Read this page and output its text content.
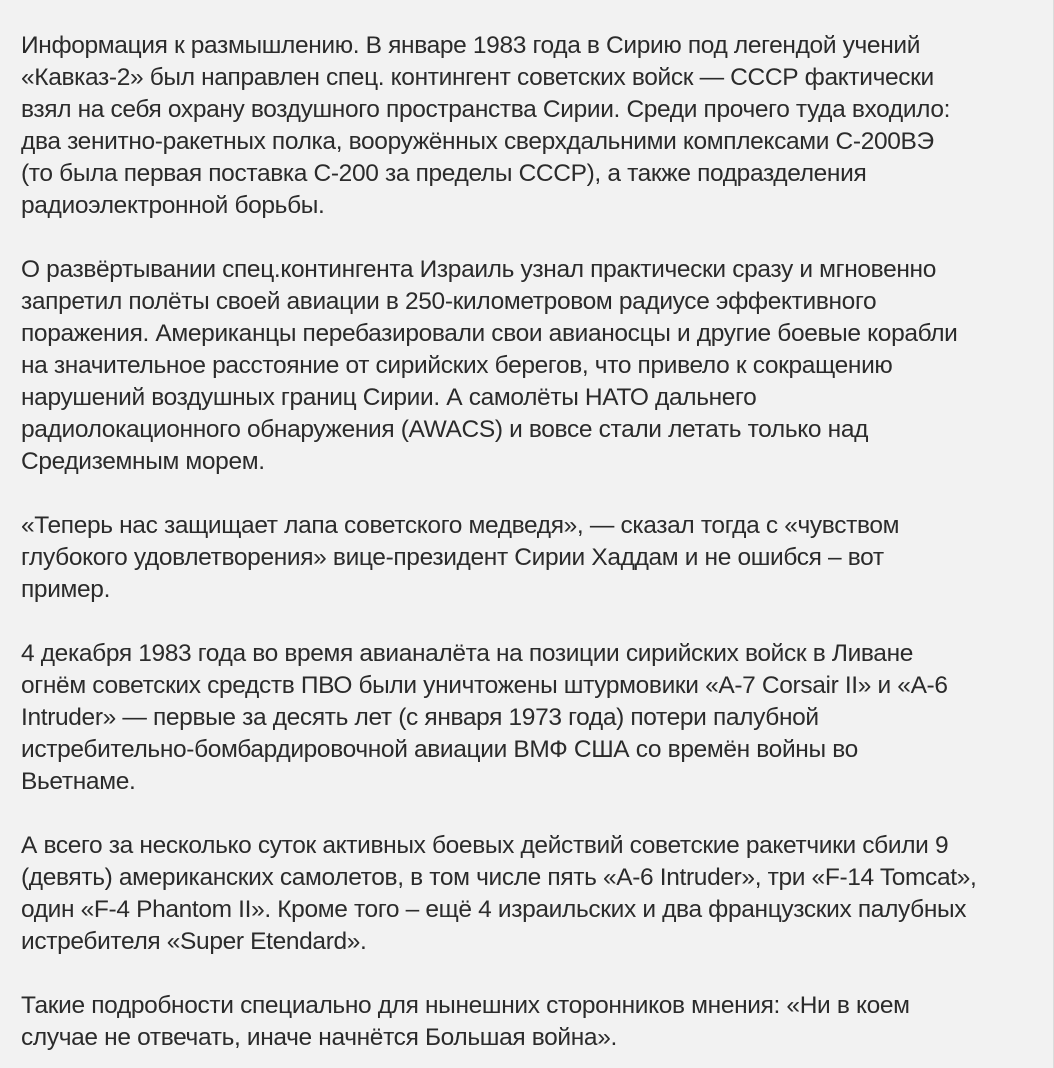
Информация к размышлению. В январе 1983 года в Сирию под легендой учений
«Кавказ-2» был направлен спец. контингент советских войск — СССР фактически
взял на себя охрану воздушного пространства Сирии. Среди прочего туда входило:
два зенитно-ракетных полка, вооружённых сверхдальними комплексами С-200ВЭ
(то была первая поставка С-200 за пределы СССР), а также подразделения
радиоэлектронной борьбы.

О развёртывании спец.контингента Израиль узнал практически сразу и мгновенно
запретил полёты своей авиации в 250-километровом радиусе эффективного
поражения. Американцы перебазировали свои авианосцы и другие боевые корабли
на значительное расстояние от сирийских берегов, что привело к сокращению
нарушений воздушных границ Сирии. А самолёты НАТО дальнего
радиолокационного обнаружения (AWACS) и вовсе стали летать только над
Средиземным морем.

«Теперь нас защищает лапа советского медведя», — сказал тогда с «чувством
глубокого удовлетворения» вице-президент Сирии Хаддам и не ошибся – вот
пример.

4 декабря 1983 года во время авианалёта на позиции сирийских войск в Ливане
огнём советских средств ПВО были уничтожены штурмовики «А-7 Corsair II» и «A-6
Intruder» — первые за десять лет (с января 1973 года) потери палубной
истребительно-бомбардировочной авиации ВМФ США со времён войны во
Вьетнаме.

А всего за несколько суток активных боевых действий советские ракетчики сбили 9
(девять) американских самолетов, в том числе пять «A-6 Intruder», три «F-14 Tomcat»,
один «F-4 Phantom II». Кроме того – ещё 4 израильских и два французских палубных
истребителя «Super Etendard».

Такие подробности специально для нынешних сторонников мнения: «Ни в коем
случае не отвечать, иначе начнётся Большая война».
